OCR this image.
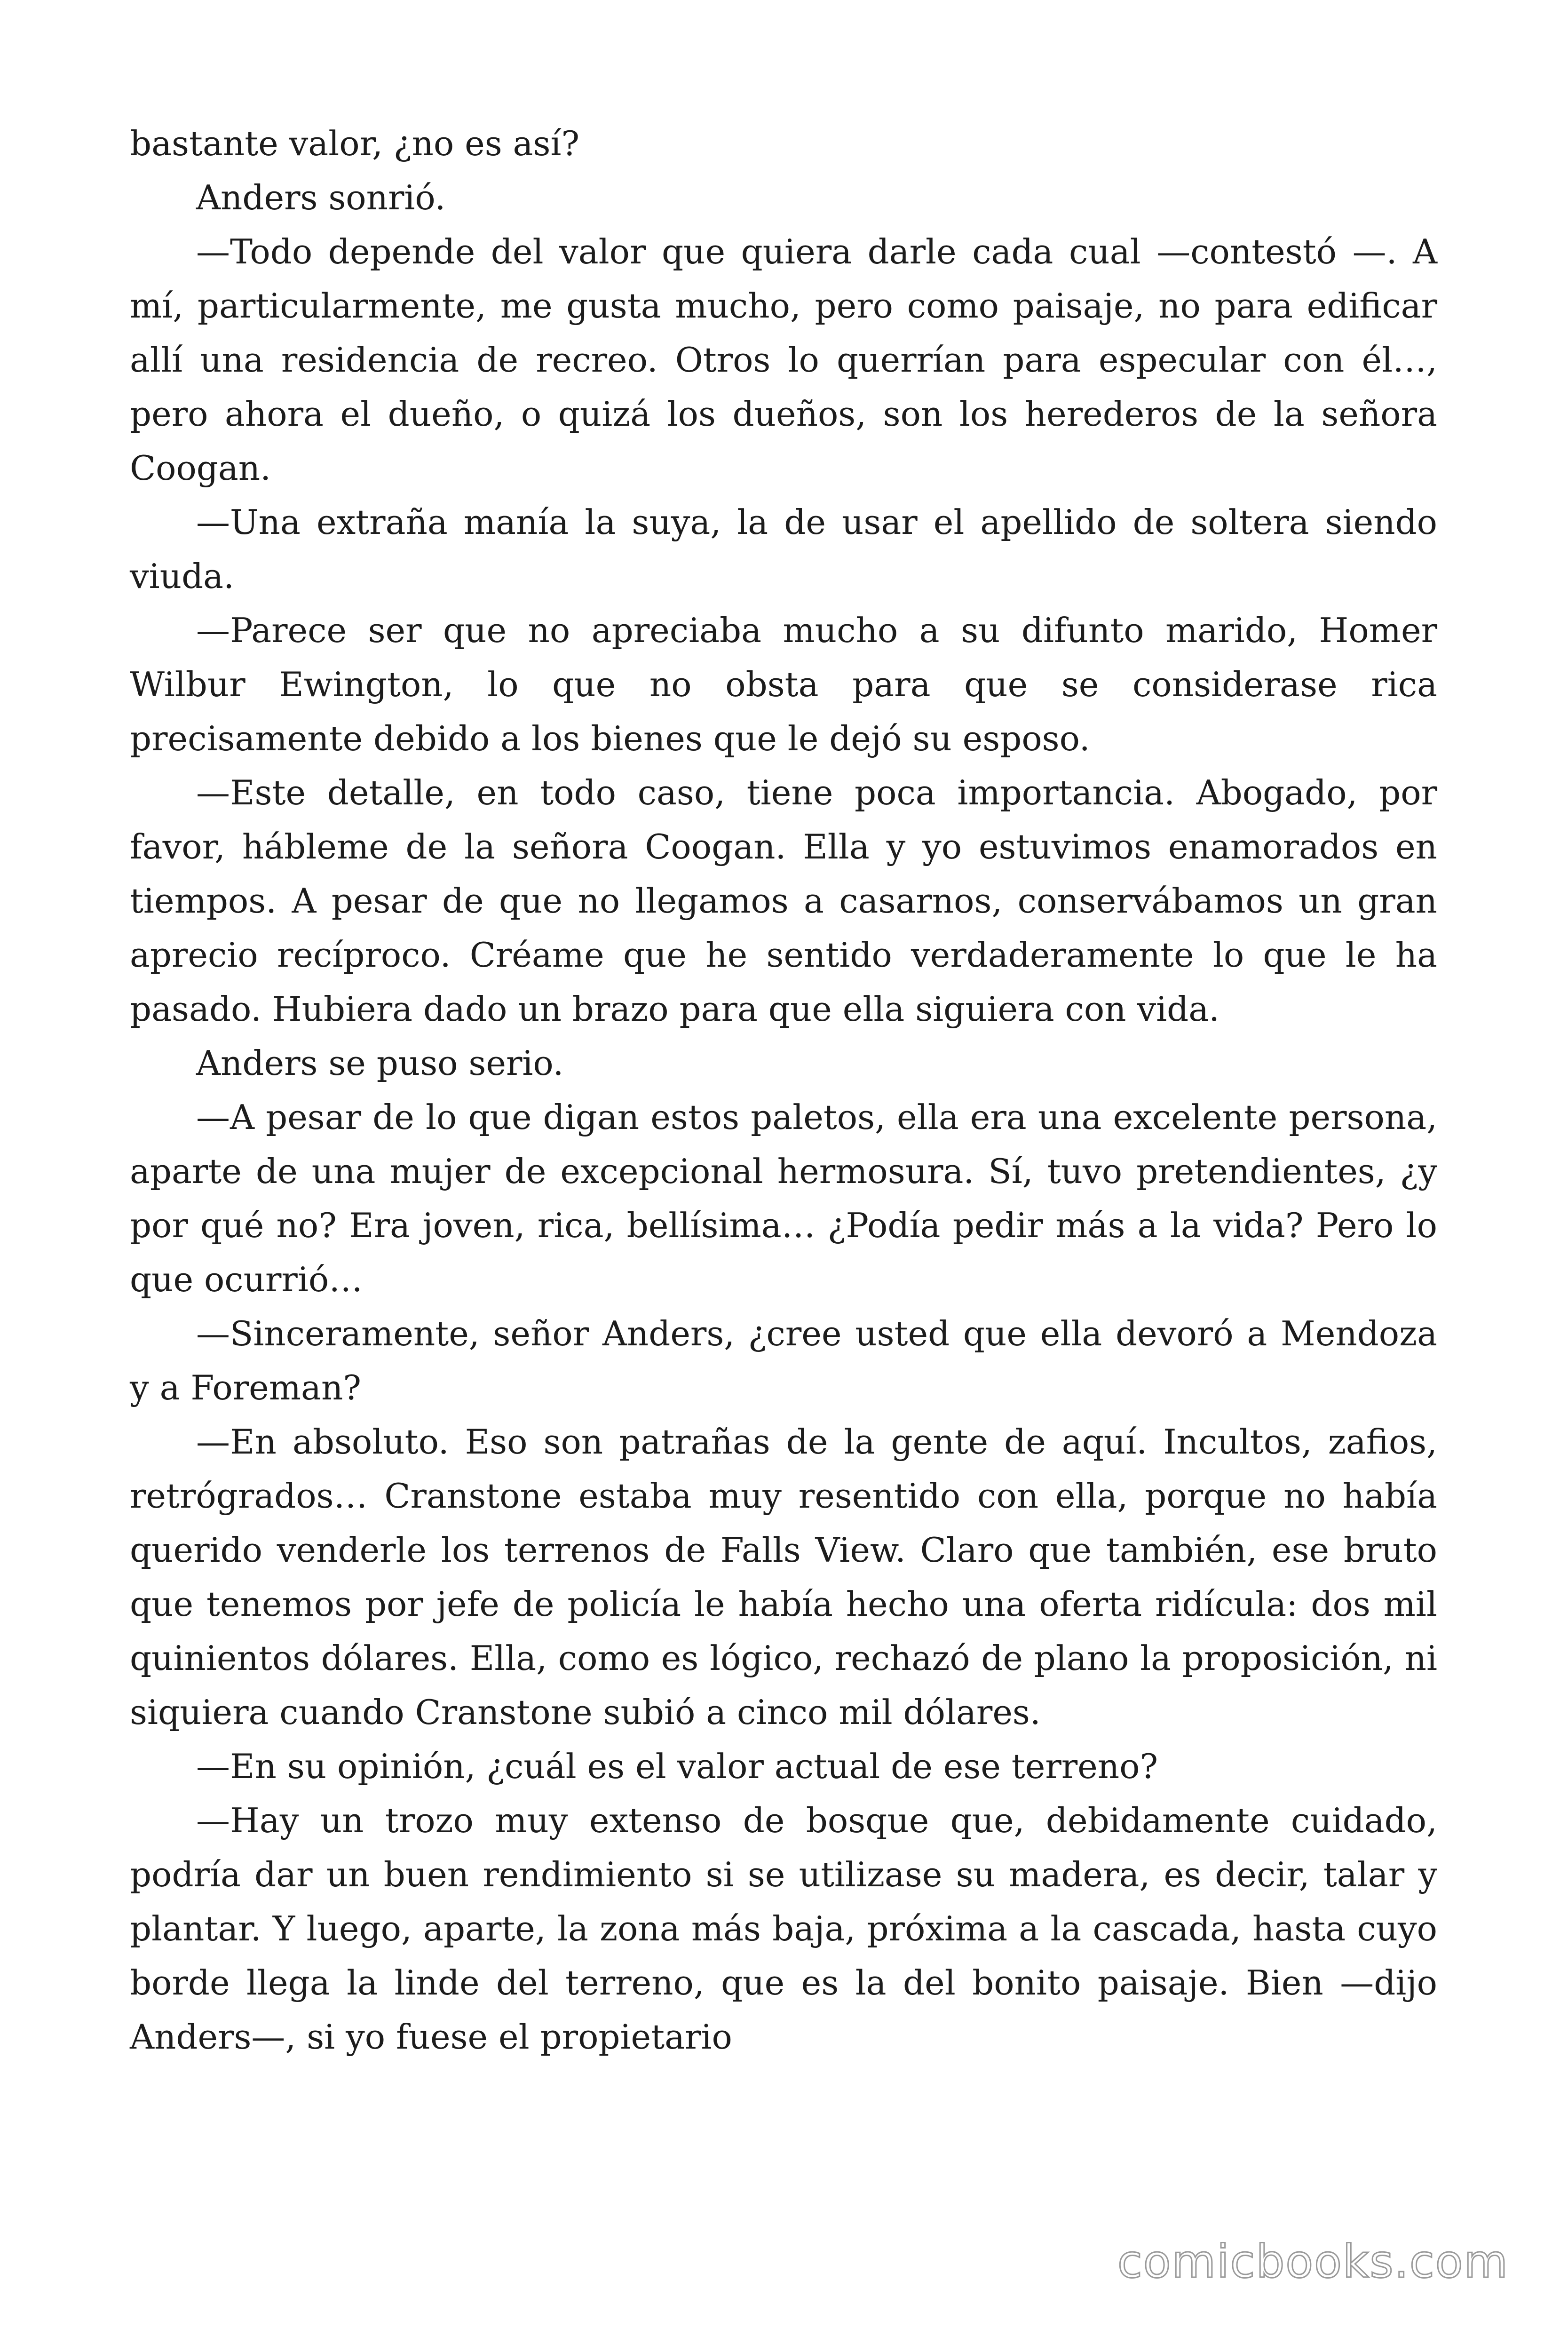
bastante valor, ¿no es así?

Anders sonrió.

—Todo depende del valor que quiera darle cada cual —contestó —. A mí, particularmente, me gusta mucho, pero como paisaje, no para edificar allí una residencia de recreo. Otros lo querrían para especular con él…, pero ahora el dueño, o quizá los dueños, son los herederos de la señora Coogan.

—Una extraña manía la suya, la de usar el apellido de soltera siendo viuda.

—Parece ser que no apreciaba mucho a su difunto marido, Homer Wilbur Ewington, lo que no obsta para que se considerase rica precisamente debido a los bienes que le dejó su esposo.

—Este detalle, en todo caso, tiene poca importancia. Abogado, por favor, hábleme de la señora Coogan. Ella y yo estuvimos enamorados en tiempos. A pesar de que no llegamos a casarnos, conservábamos un gran aprecio recíproco. Créame que he sentido verdaderamente lo que le ha pasado. Hubiera dado un brazo para que ella siguiera con vida.

Anders se puso serio.

—A pesar de lo que digan estos paletos, ella era una excelente persona, aparte de una mujer de excepcional hermosura. Sí, tuvo pretendientes, ¿y por qué no? Era joven, rica, bellísima… ¿Podía pedir más a la vida? Pero lo que ocurrió…

—Sinceramente, señor Anders, ¿cree usted que ella devoró a Mendoza y a Foreman?

—En absoluto. Eso son patrañas de la gente de aquí. Incultos, zafios, retrógrados… Cranstone estaba muy resentido con ella, porque no había querido venderle los terrenos de Falls View. Claro que también, ese bruto que tenemos por jefe de policía le había hecho una oferta ridícula: dos mil quinientos dólares. Ella, como es lógico, rechazó de plano la proposición, ni siquiera cuando Cranstone subió a cinco mil dólares.

—En su opinión, ¿cuál es el valor actual de ese terreno?

—Hay un trozo muy extenso de bosque que, debidamente cuidado, podría dar un buen rendimiento si se utilizase su madera, es decir, talar y plantar. Y luego, aparte, la zona más baja, próxima a la cascada, hasta cuyo borde llega la linde del terreno, que es la del bonito paisaje. Bien —dijo Anders—, si yo fuese el propietario

comicbooks.com
